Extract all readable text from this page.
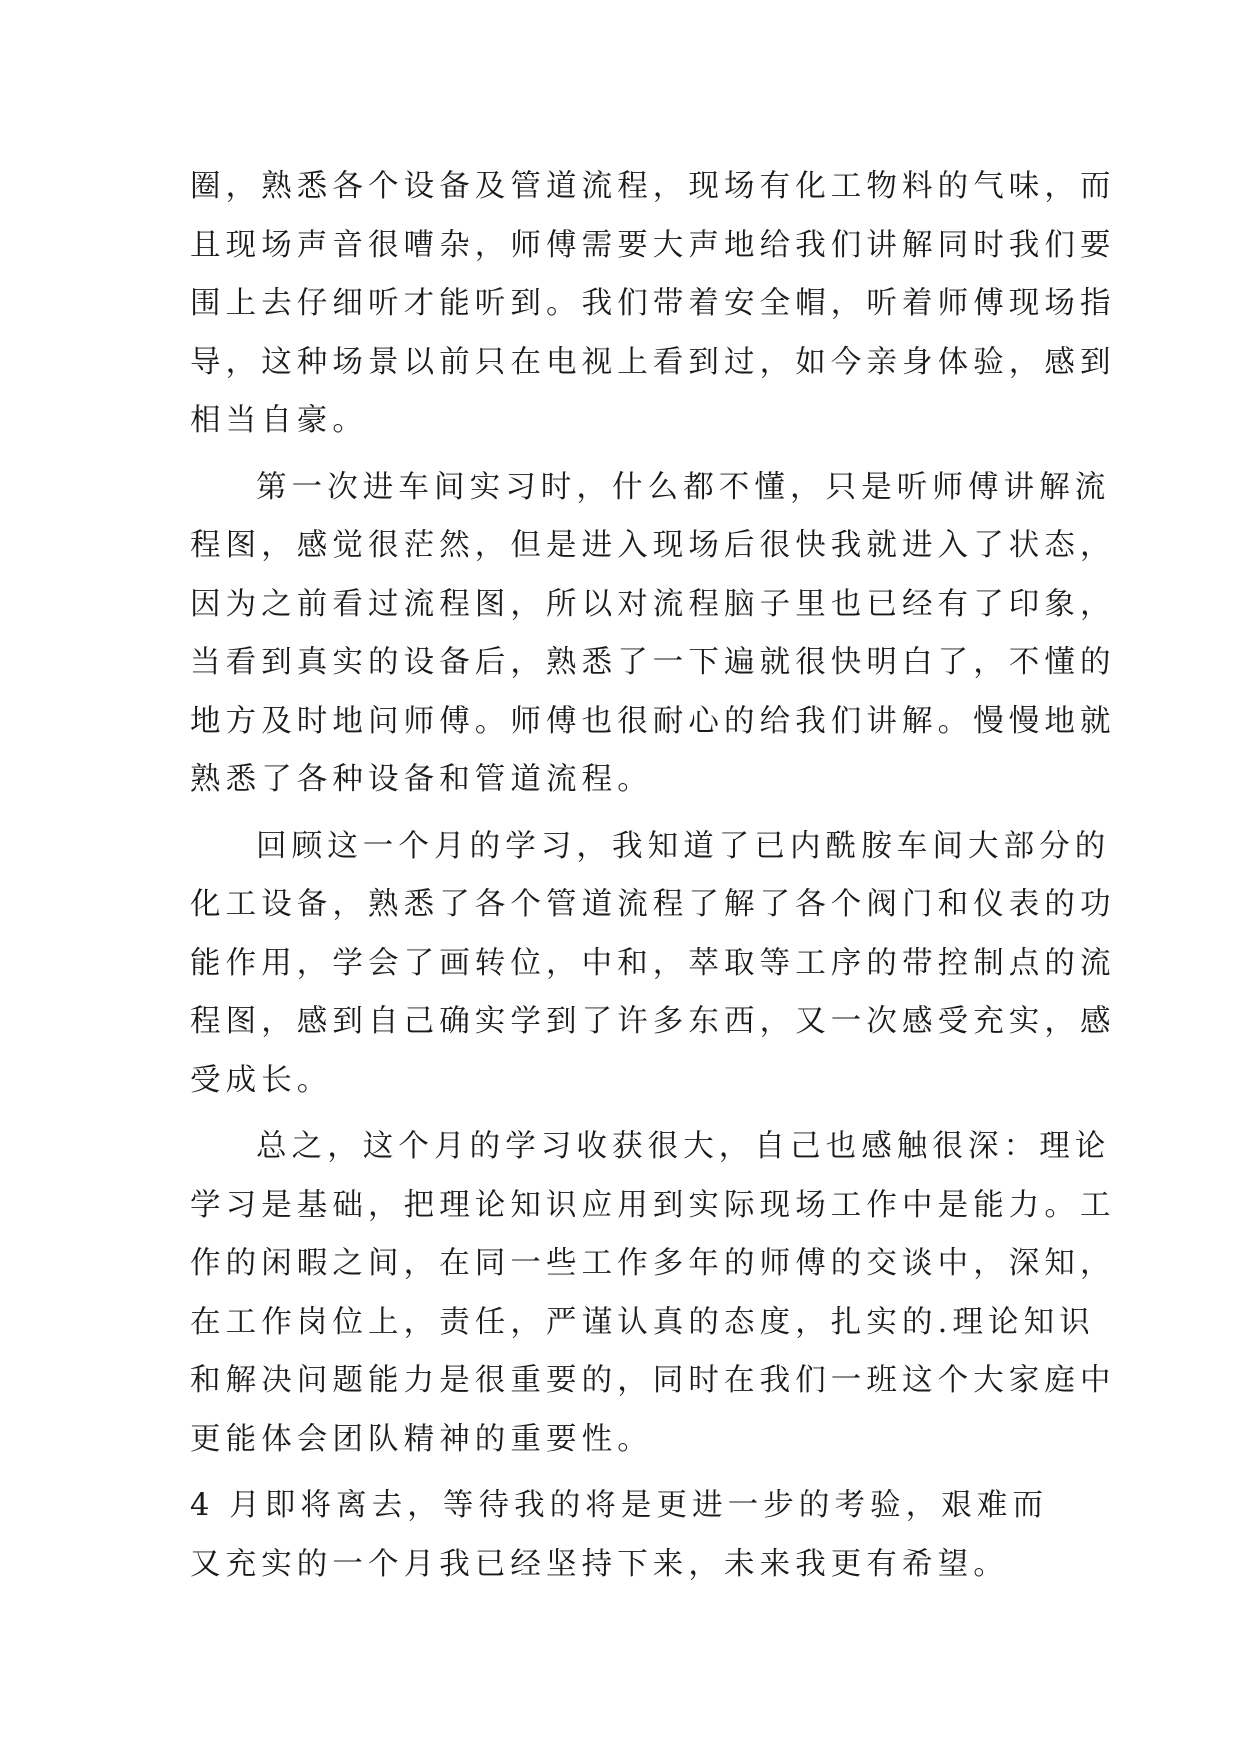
圈，熟悉各个设备及管道流程，现场有化工物料的气味，而
且现场声音很嘈杂，师傅需要大声地给我们讲解同时我们要
围上去仔细听才能听到。我们带着安全帽，听着师傅现场指
导，这种场景以前只在电视上看到过，如今亲身体验，感到
相当自豪。
第一次进车间实习时，什么都不懂，只是听师傅讲解流
程图，感觉很茫然，但是进入现场后很快我就进入了状态，
因为之前看过流程图，所以对流程脑子里也已经有了印象，
当看到真实的设备后，熟悉了一下遍就很快明白了，不懂的
地方及时地问师傅。师傅也很耐心的给我们讲解。慢慢地就
熟悉了各种设备和管道流程。
回顾这一个月的学习，我知道了已内酰胺车间大部分的
化工设备，熟悉了各个管道流程了解了各个阀门和仪表的功
能作用，学会了画转位，中和，萃取等工序的带控制点的流
程图，感到自己确实学到了许多东西，又一次感受充实，感
受成长。
总之，这个月的学习收获很大，自己也感触很深：理论
学习是基础，把理论知识应用到实际现场工作中是能力。工
作的闲暇之间，在同一些工作多年的师傅的交谈中，深知，
在工作岗位上，责任，严谨认真的态度，扎实的.理论知识
和解决问题能力是很重要的，同时在我们一班这个大家庭中
更能体会团队精神的重要性。
4 月即将离去，等待我的将是更进一步的考验，艰难而
又充实的一个月我已经坚持下来，未来我更有希望。
